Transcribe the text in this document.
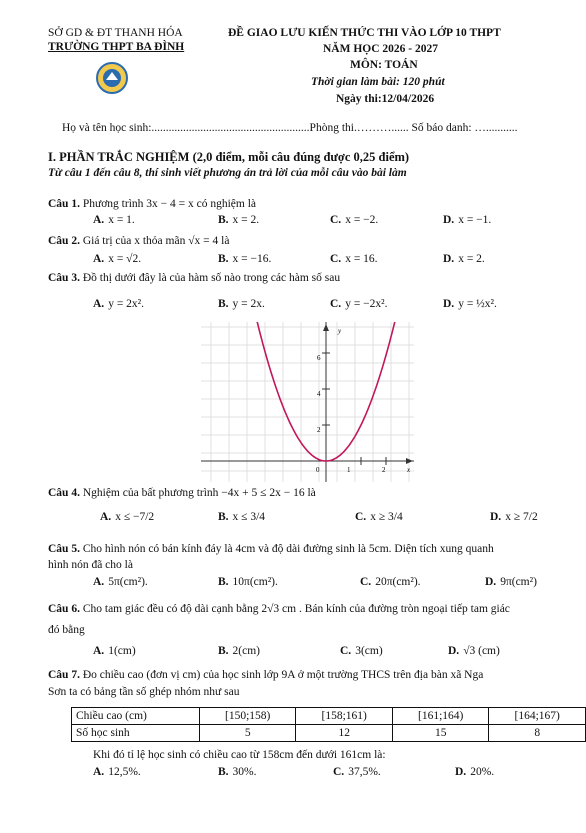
SỞ GD & ĐT THANH HÓA
TRƯỜNG THPT BA ĐÌNH
ĐỀ GIAO LƯU KIẾN THỨC THI VÀO LỚP 10 THPT
NĂM HỌC 2026 - 2027
MÔN: TOÁN
Thời gian làm bài: 120 phút
Ngày thi:12/04/2026
Họ và tên học sinh:.......................................................Phòng thi.………...... Số báo danh: …...........
I. PHẦN TRẮC NGHIỆM (2,0 điểm, mỗi câu đúng được 0,25 điểm)
Từ câu 1 đến câu 8, thí sinh viết phương án trả lời của mỗi câu vào bài làm
Câu 1. Phương trình 3x − 4 = x có nghiệm là
A. x = 1.	B. x = 2.	C. x = −2.	D. x = −1.
Câu 2. Giá trị của x thỏa mãn √x = 4 là
A. x = √2.	B. x = −16.	C. x = 16.	D. x = 2.
Câu 3. Đồ thị dưới đây là của hàm số nào trong các hàm số sau
A. y = 2x².	B. y = 2x.	C. y = −2x².	D. y = ½x².
y
x
0	1	2
2
4
6
Câu 4. Nghiệm của bất phương trình −4x + 5 ≤ 2x − 16 là
A. x ≤ −7/2	B. x ≤ 3/4	C. x ≥ 3/4	D. x ≥ 7/2
Câu 5. Cho hình nón có bán kính đáy là 4cm và độ dài đường sinh là 5cm. Diện tích xung quanh
hình nón đã cho là
A. 5π(cm²).	B. 10π(cm²).	C. 20π(cm²).	D. 9π(cm²)
Câu 6. Cho tam giác đều có độ dài cạnh bằng 2√3 cm . Bán kính của đường tròn ngoại tiếp tam giác
đó bằng
A. 1(cm)	B. 2(cm)	C. 3(cm)	D. √3 (cm)
Câu 7. Đo chiều cao (đơn vị cm) của học sinh lớp 9A ở một trường THCS trên địa bàn xã Nga
Sơn ta có bảng tần số ghép nhóm như sau
Chiều cao (cm)	[150;158)	[158;161)	[161;164)	[164;167)
Số học sinh	5	12	15	8
Khi đó tỉ lệ học sinh có chiều cao từ 158cm đến dưới 161cm là:
A. 12,5%.	B. 30%.	C. 37,5%.	D. 20%.
